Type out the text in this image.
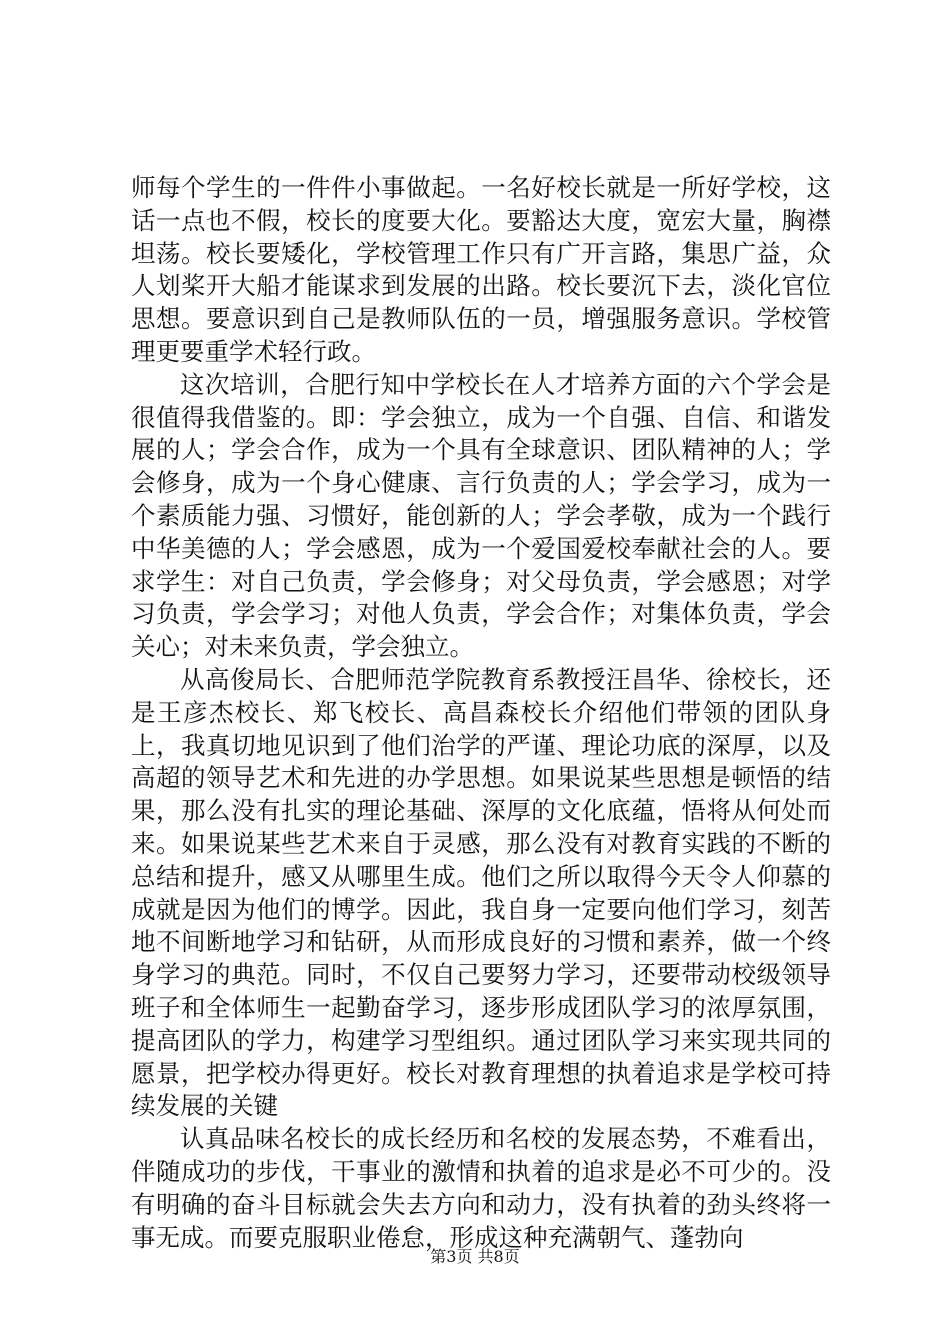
师每个学生的一件件小事做起。一名好校长就是一所好学校，这话一点也不假，校长的度要大化。要豁达大度，宽宏大量，胸襟坦荡。校长要矮化，学校管理工作只有广开言路，集思广益，众人划桨开大船才能谋求到发展的出路。校长要沉下去，淡化官位思想。要意识到自己是教师队伍的一员，增强服务意识。学校管理更要重学术轻行政。

这次培训，合肥行知中学校长在人才培养方面的六个学会是很值得我借鉴的。即：学会独立，成为一个自强、自信、和谐发展的人；学会合作，成为一个具有全球意识、团队精神的人；学会修身，成为一个身心健康、言行负责的人；学会学习，成为一个素质能力强、习惯好，能创新的人；学会孝敬，成为一个践行中华美德的人；学会感恩，成为一个爱国爱校奉献社会的人。要求学生：对自己负责，学会修身；对父母负责，学会感恩；对学习负责，学会学习；对他人负责，学会合作；对集体负责，学会关心；对未来负责，学会独立。

从高俊局长、合肥师范学院教育系教授汪昌华、徐校长，还是王彦杰校长、郑飞校长、高昌森校长介绍他们带领的团队身上，我真切地见识到了他们治学的严谨、理论功底的深厚，以及高超的领导艺术和先进的办学思想。如果说某些思想是顿悟的结果，那么没有扎实的理论基础、深厚的文化底蕴，悟将从何处而来。如果说某些艺术来自于灵感，那么没有对教育实践的不断的总结和提升，感又从哪里生成。他们之所以取得今天令人仰慕的成就是因为他们的博学。因此，我自身一定要向他们学习，刻苦地不间断地学习和钻研，从而形成良好的习惯和素养，做一个终身学习的典范。同时，不仅自己要努力学习，还要带动校级领导班子和全体师生一起勤奋学习，逐步形成团队学习的浓厚氛围，提高团队的学力，构建学习型组织。通过团队学习来实现共同的愿景，把学校办得更好。校长对教育理想的执着追求是学校可持续发展的关键

认真品味名校长的成长经历和名校的发展态势，不难看出，伴随成功的步伐，干事业的激情和执着的追求是必不可少的。没有明确的奋斗目标就会失去方向和动力，没有执着的劲头终将一事无成。而要克服职业倦怠，形成这种充满朝气、蓬勃向

第3页 共8页
